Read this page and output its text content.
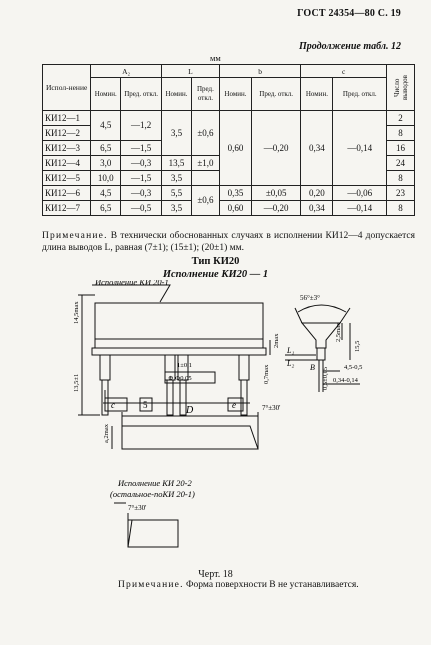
ГОСТ 24354—80 С. 19
Продолжение табл. 12
мм
Испол-нение	A₂		L		b		c		Число выводов

	Номин.	Пред. откл.	Номин.	Пред. откл.	Номин.	Пред. откл.	Номин.	Пред. откл.	
КИ12—1	4,5	—1,2	3,5	±0,6	0,60	—0,20	0,34	—0,14	2
КИ12—2									8
КИ12—3	6,5	—1,5							16
КИ12—4	3,0	—0,3	13,5	±1,0					24
КИ12—5	10,0	—1,5	3,5						8
КИ12—6	4,5	—0,3	5,5	±0,6	0,35	±0,05	0,20	—0,06	23
КИ12—7	6,5	—0,5	3,5		0,60	—0,20	0,34	—0,14	8
Примечание. В технически обоснованных случаях в исполнении КИ12—4 допускается длина выводов L, равная (7±1); (15±1); (20±1) мм.
Тип КИ20
Исполнение КИ20 — 1
Исполнение КИ 20-1
14,5max
13,5±1
2max
0,7max
1±0,1
⊕ Ф0,05
c	5	e
D	7°±30'
a,2max
56°±3°
2,5max
15,5
4,5-0,5
0,34-0,14
0,5±0,05
B
L₁
L₂
Исполнение КИ 20-2
(остальное-поКИ 20-1)
7°±30'
Черт. 18
Примечание. Форма поверхности B не устанавливается.
